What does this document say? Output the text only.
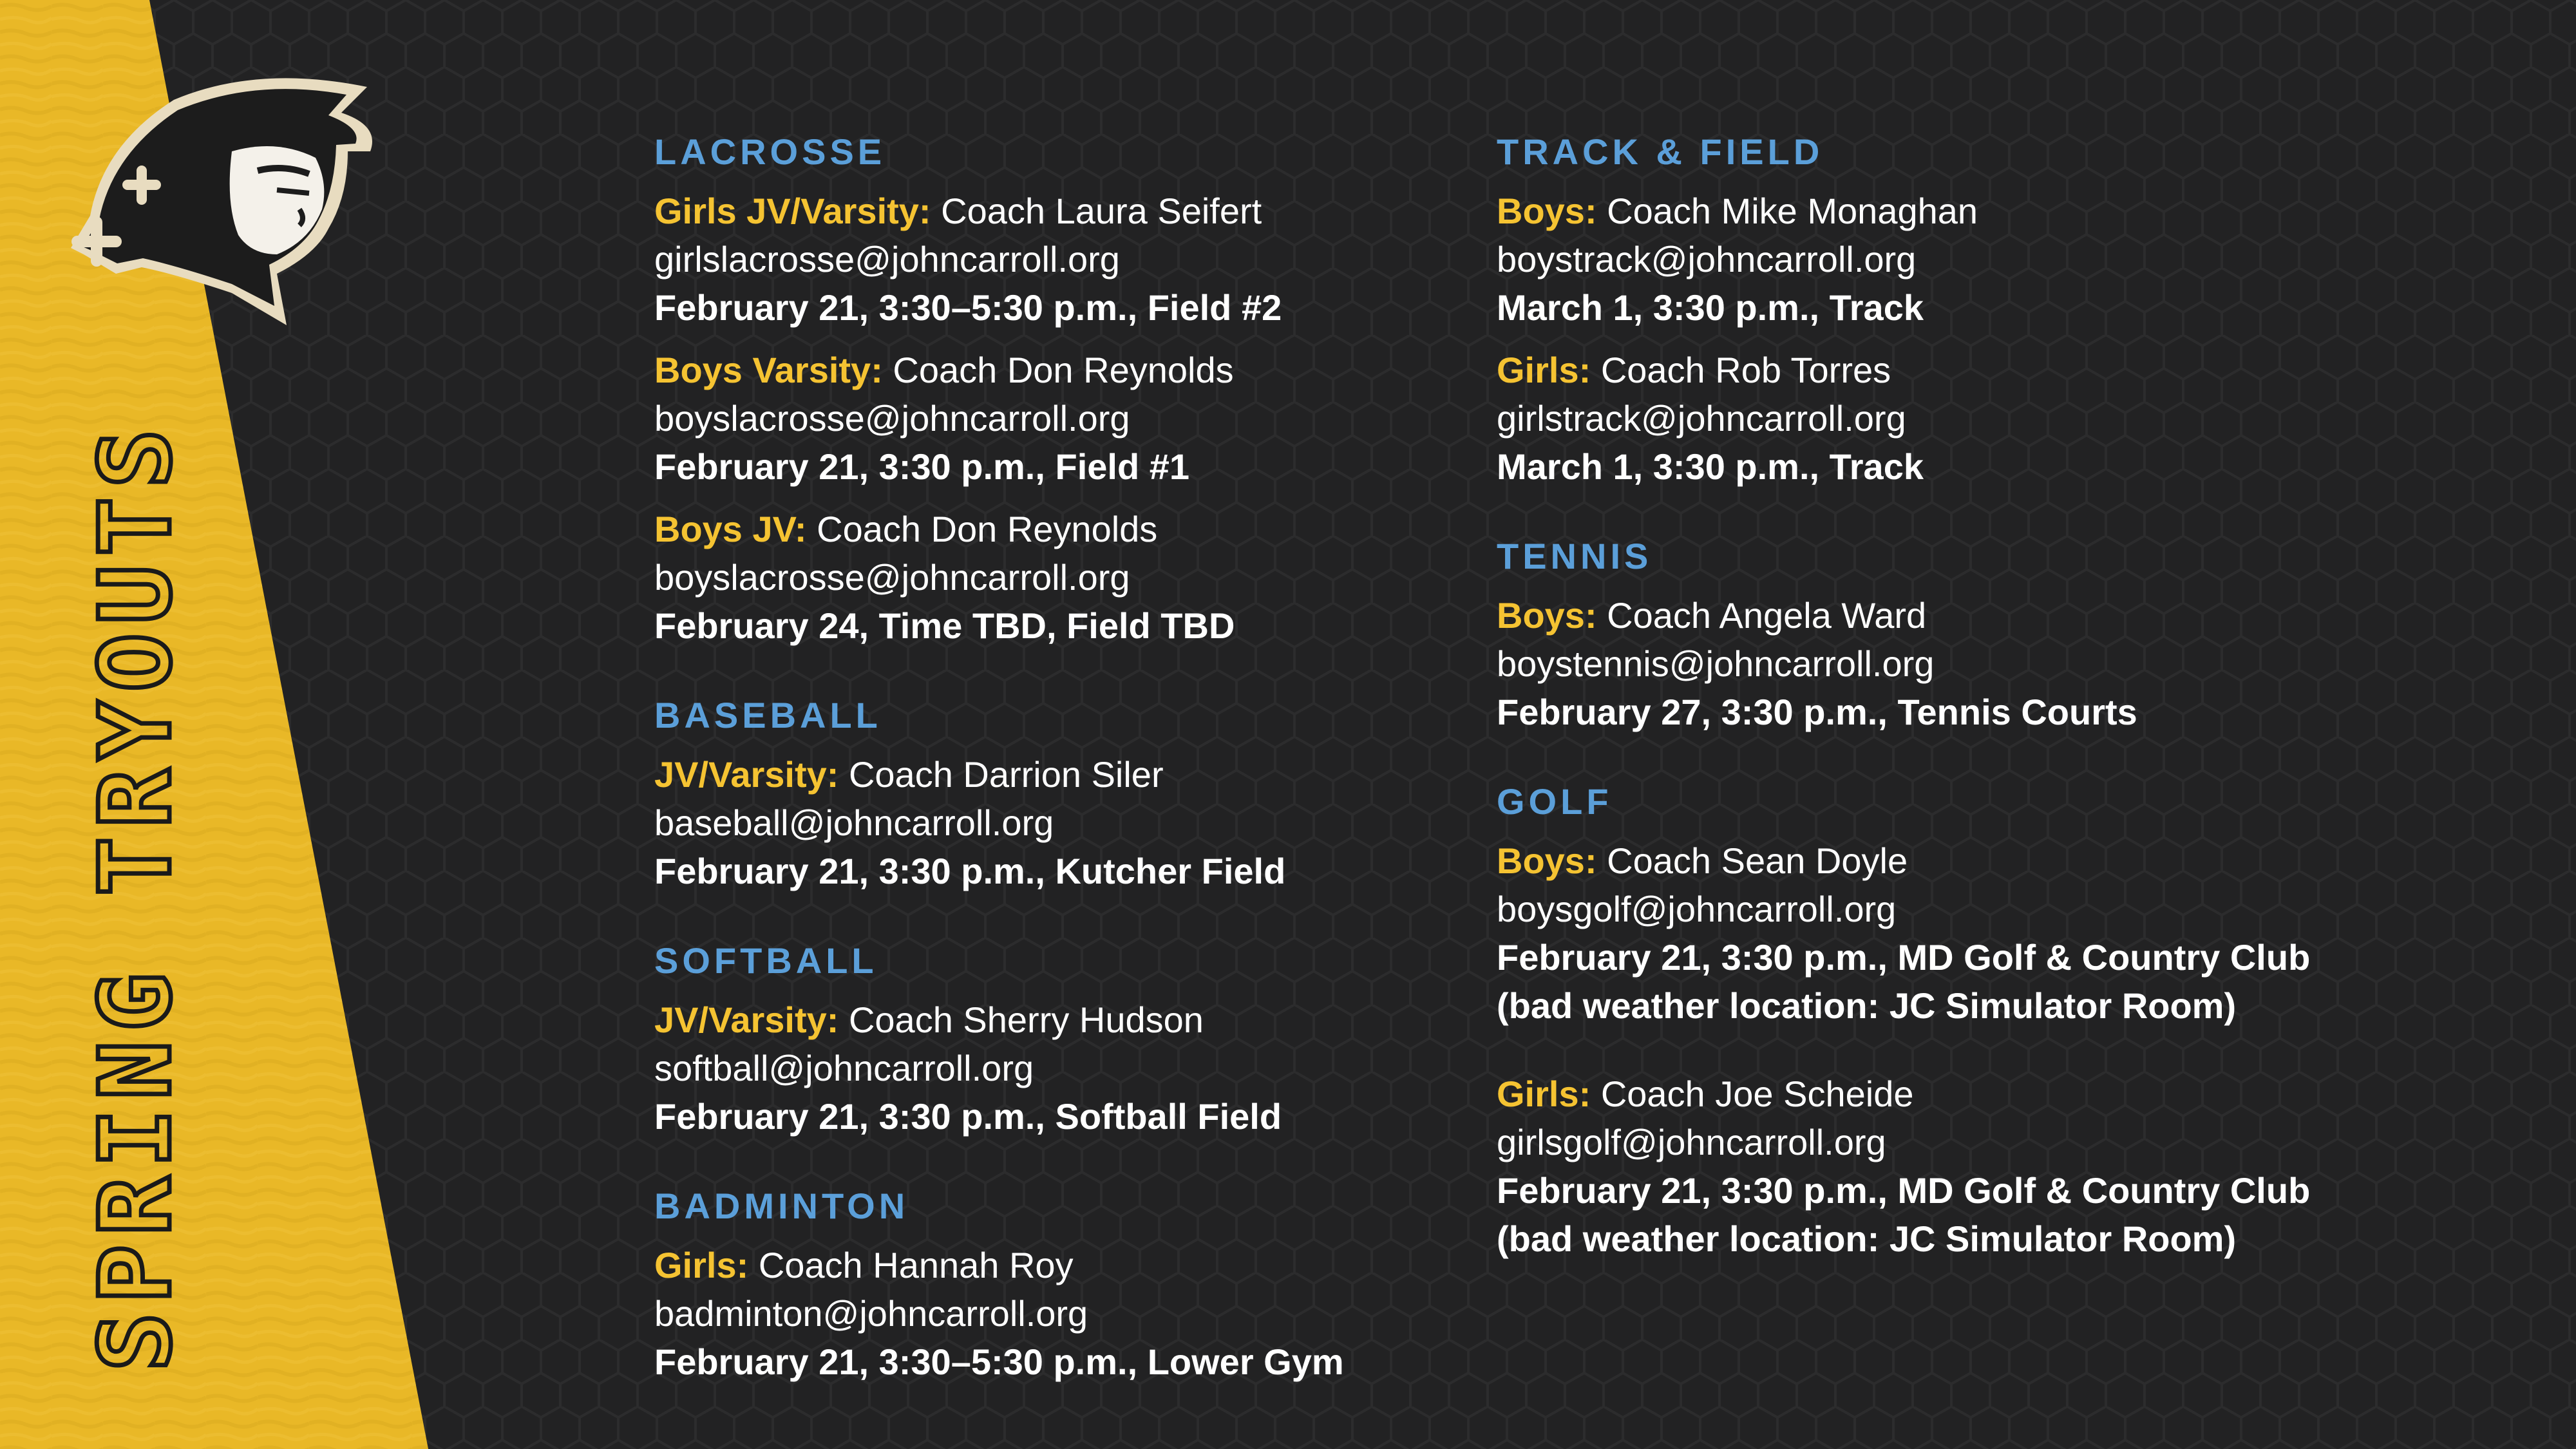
SPRING TRYOUTS
LACROSSE
Girls JV/Varsity: Coach Laura Seifert
girlslacrosse@johncarroll.org
February 21, 3:30–5:30 p.m., Field #2
Boys Varsity: Coach Don Reynolds
boyslacrosse@johncarroll.org
February 21, 3:30 p.m., Field #1
Boys JV: Coach Don Reynolds
boyslacrosse@johncarroll.org
February 24, Time TBD, Field TBD
BASEBALL
JV/Varsity: Coach Darrion Siler
baseball@johncarroll.org
February 21, 3:30 p.m., Kutcher Field
SOFTBALL
JV/Varsity: Coach Sherry Hudson
softball@johncarroll.org
February 21, 3:30 p.m., Softball Field
BADMINTON
Girls: Coach Hannah Roy
badminton@johncarroll.org
February 21, 3:30–5:30 p.m., Lower Gym
TRACK & FIELD
Boys: Coach Mike Monaghan
boystrack@johncarroll.org
March 1, 3:30 p.m., Track
Girls: Coach Rob Torres
girlstrack@johncarroll.org
March 1, 3:30 p.m., Track
TENNIS
Boys: Coach Angela Ward
boystennis@johncarroll.org
February 27, 3:30 p.m., Tennis Courts
GOLF
Boys: Coach Sean Doyle
boysgolf@johncarroll.org
February 21, 3:30 p.m., MD Golf & Country Club
(bad weather location: JC Simulator Room)
Girls: Coach Joe Scheide
girlsgolf@johncarroll.org
February 21, 3:30 p.m., MD Golf & Country Club
(bad weather location: JC Simulator Room)
